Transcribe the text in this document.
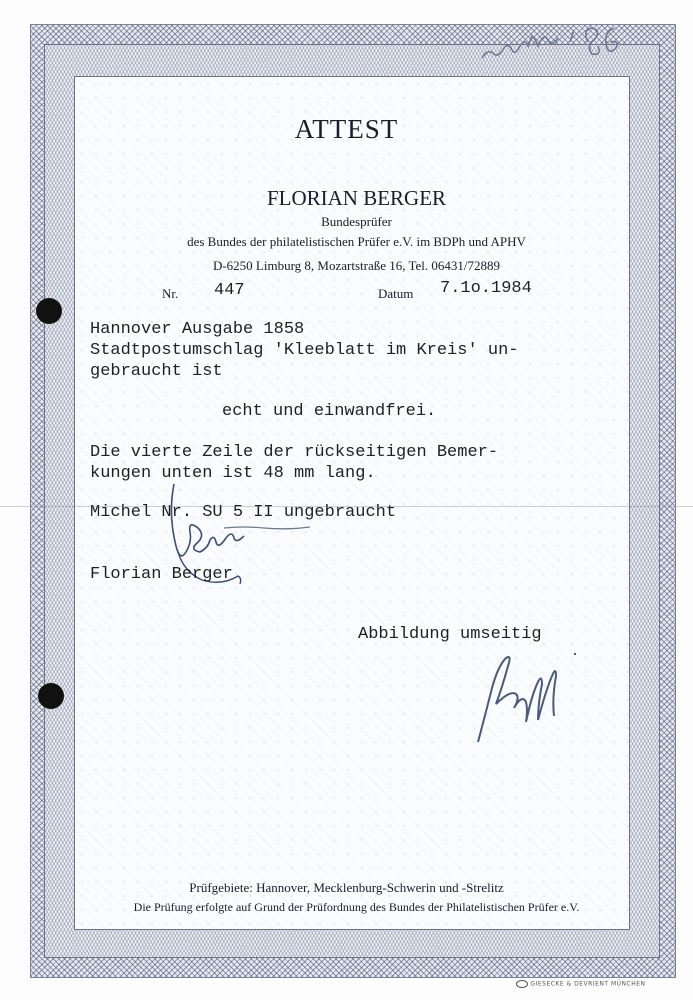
ATTEST
FLORIAN BERGER
Bundesprüfer
des Bundes der philatelistischen Prüfer e.V. im BDPh und APHV
D-6250 Limburg 8, Mozartstraße 16, Tel. 06431/72889
Nr. 447	Datum 7.1o.1984
Hannover Ausgabe 1858
Stadtpostumschlag 'Kleeblatt im Kreis' un-
gebraucht ist
echt und einwandfrei.
Die vierte Zeile der rückseitigen Bemer-
kungen unten ist 48 mm lang.
Michel Nr. SU 5 II ungebraucht
Florian Berger
Abbildung umseitig
Prüfgebiete: Hannover, Mecklenburg-Schwerin und -Strelitz
Die Prüfung erfolgte auf Grund der Prüfordnung des Bundes der Philatelistischen Prüfer e.V.
GIESECKE & DEVRIENT MÜNCHEN
